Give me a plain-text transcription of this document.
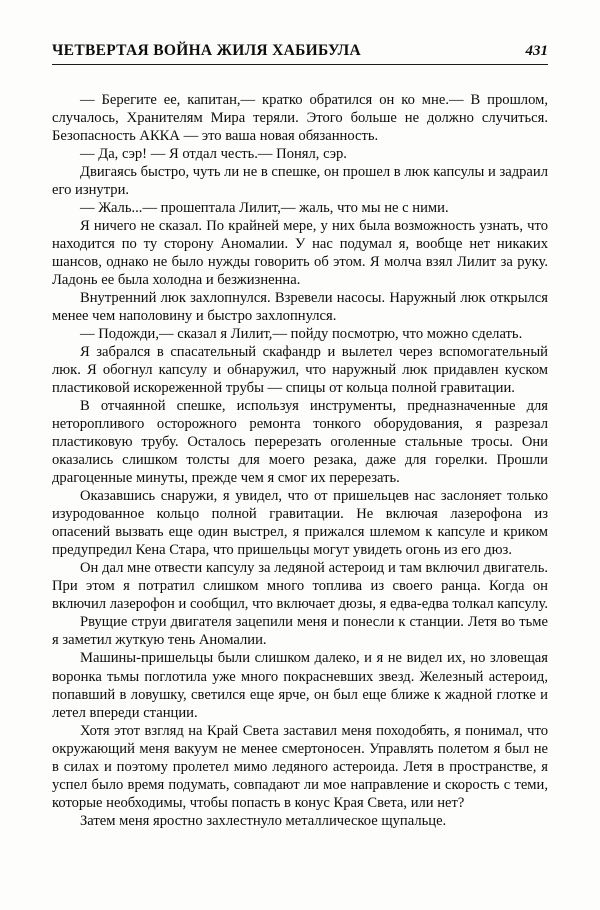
ЧЕТВЕРТАЯ ВОЙНА ЖИЛЯ ХАБИБУЛА	431

— Берегите ее, капитан,— кратко обратился он ко мне.— В прошлом, случалось, Хранителям Мира теряли. Этого больше не должно случиться. Безопасность АККА — это ваша новая обязанность.

— Да, сэр! — Я отдал честь.— Понял, сэр.

Двигаясь быстро, чуть ли не в спешке, он прошел в люк капсулы и задраил его изнутри.

— Жаль...— прошептала Лилит,— жаль, что мы не с ними.

Я ничего не сказал. По крайней мере, у них была возможность узнать, что находится по ту сторону Аномалии. У нас подумал я, вообще нет никаких шансов, однако не было нужды говорить об этом. Я молча взял Лилит за руку. Ладонь ее была холодна и безжизненна.

Внутренний люк захлопнулся. Взревели насосы. Наружный люк открылся менее чем наполовину и быстро захлопнулся.

— Подожди,— сказал я Лилит,— пойду посмотрю, что можно сделать.

Я забрался в спасательный скафандр и вылетел через вспомогательный люк. Я обогнул капсулу и обнаружил, что наружный люк придавлен куском пластиковой искореженной трубы — спицы от кольца полной гравитации.

В отчаянной спешке, используя инструменты, предназначенные для неторопливого осторожного ремонта тонкого оборудования, я разрезал пластиковую трубу. Осталось перерезать оголенные стальные тросы. Они оказались слишком толсты для моего резака, даже для горелки. Прошли драгоценные минуты, прежде чем я смог их перерезать.

Оказавшись снаружи, я увидел, что от пришельцев нас заслоняет только изуродованное кольцо полной гравитации. Не включая лазерофона из опасений вызвать еще один выстрел, я прижался шлемом к капсуле и криком предупредил Кена Стара, что пришельцы могут увидеть огонь из его дюз.

Он дал мне отвести капсулу за ледяной астероид и там включил двигатель. При этом я потратил слишком много топлива из своего ранца. Когда он включил лазерофон и сообщил, что включает дюзы, я едва-едва толкал капсулу.

Рвущие струи двигателя зацепили меня и понесли к станции. Летя во тьме я заметил жуткую тень Аномалии.

Машины-пришельцы были слишком далеко, и я не видел их, но зловещая воронка тьмы поглотила уже много покрасневших звезд. Железный астероид, попавший в ловушку, светился еще ярче, он был еще ближе к жадной глотке и летел впереди станции.

Хотя этот взгляд на Край Света заставил меня походобять, я понимал, что окружающий меня вакуум не менее смертоносен. Управлять полетом я был не в силах и поэтому пролетел мимо ледяного астероида. Летя в пространстве, я успел было время подумать, совпадают ли мое направление и скорость с теми, которые необходимы, чтобы попасть в конус Края Света, или нет?

Затем меня яростно захлестнуло металлическое щупальце.
